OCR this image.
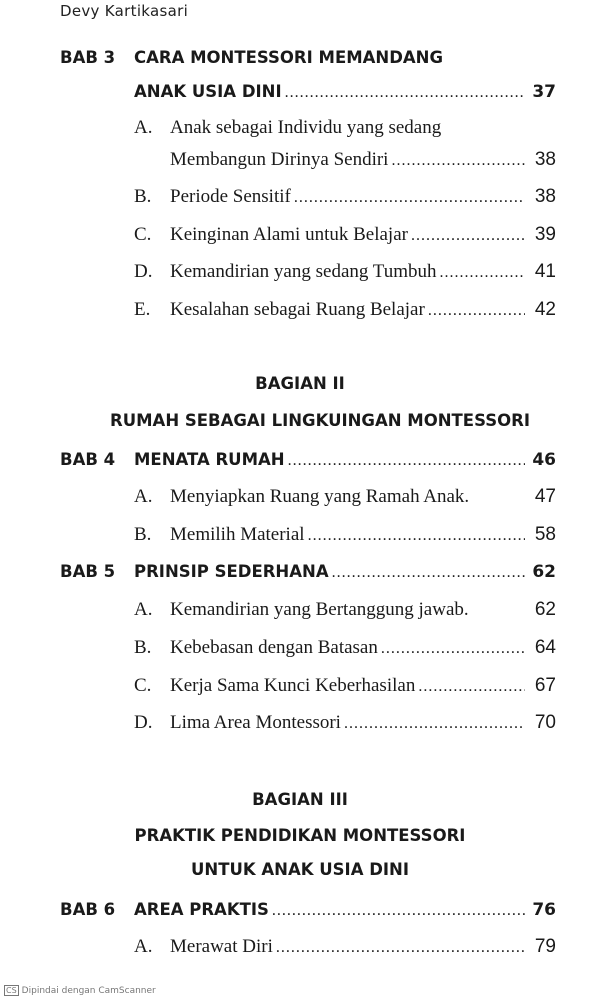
Devy Kartikasari
BAB 3 CARA MONTESSORI MEMANDANG
ANAK USIA DINI .....	37
A. Anak sebagai Individu yang sedang
Membangun Dirinya Sendiri .....	38
B. Periode Sensitif .....	38
C. Keinginan Alami untuk Belajar .....	39
D. Kemandirian yang sedang Tumbuh .....	41
E. Kesalahan sebagai Ruang Belajar .....	42
BAGIAN II
RUMAH SEBAGAI LINGKUINGAN MONTESSORI
BAB 4 MENATA RUMAH .....	46
A. Menyiapkan Ruang yang Ramah Anak.	47
B. Memilih Material .....	58
BAB 5 PRINSIP SEDERHANA .....	62
A. Kemandirian yang Bertanggung jawab.	62
B. Kebebasan dengan Batasan .....	64
C. Kerja Sama Kunci Keberhasilan .....	67
D. Lima Area Montessori .....	70
BAGIAN III
PRAKTIK PENDIDIKAN MONTESSORI
UNTUK ANAK USIA DINI
BAB 6 AREA PRAKTIS .....	76
A. Merawat Diri .....	79
CS Dipindai dengan CamScanner
